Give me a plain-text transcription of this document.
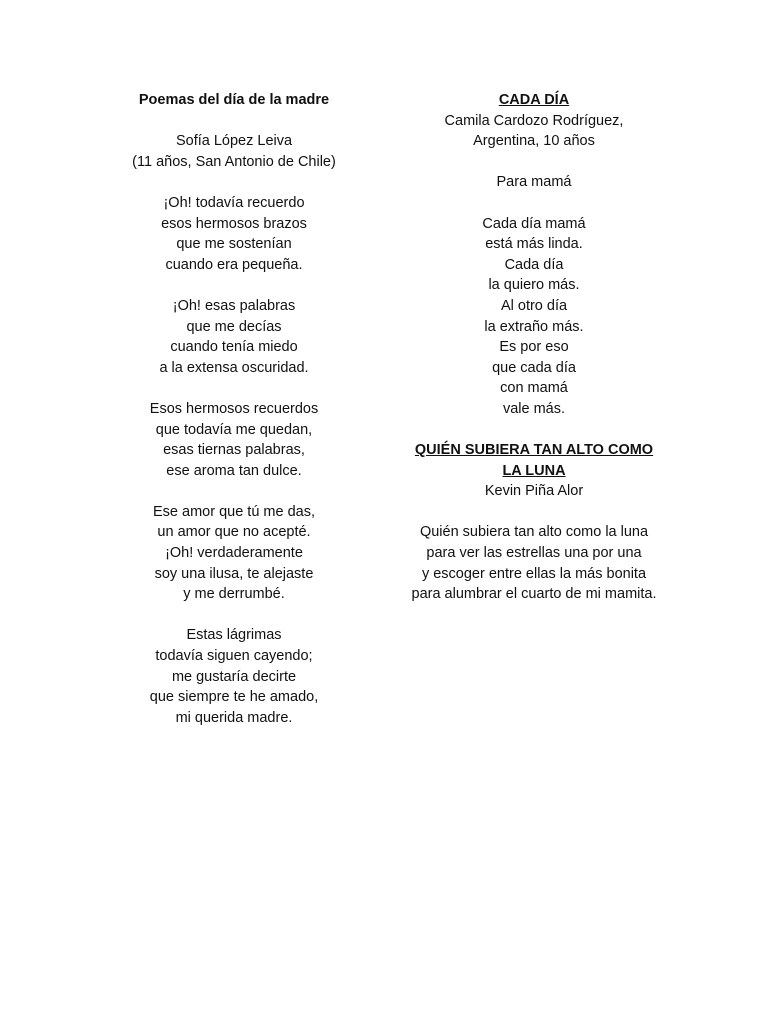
Poemas del día de la madre
Sofía López Leiva
(11 años, San Antonio de Chile)
¡Oh! todavía recuerdo
esos hermosos brazos
que me sostenían
cuando era pequeña.
¡Oh! esas palabras
que me decías
cuando tenía miedo
a la extensa oscuridad.
Esos hermosos recuerdos
que todavía me quedan,
esas tiernas palabras,
ese aroma tan dulce.
Ese amor que tú me das,
un amor que no acepté.
¡Oh! verdaderamente
soy una ilusa, te alejaste
y me derrumbé.
Estas lágrimas
todavía siguen cayendo;
me gustaría decirte
que siempre te he amado,
mi querida madre.
CADA DÍA
Camila Cardozo Rodríguez,
Argentina, 10 años
Para mamá
Cada día mamá
está más linda.
Cada día
la quiero más.
Al otro día
la extraño más.
Es por eso
que cada día
con mamá
vale más.
QUIÉN SUBIERA TAN ALTO COMO
LA LUNA
Kevin Piña Alor
Quién subiera tan alto como la luna
para ver las estrellas una por una
y escoger entre ellas la más bonita
para alumbrar el cuarto de mi mamita.
